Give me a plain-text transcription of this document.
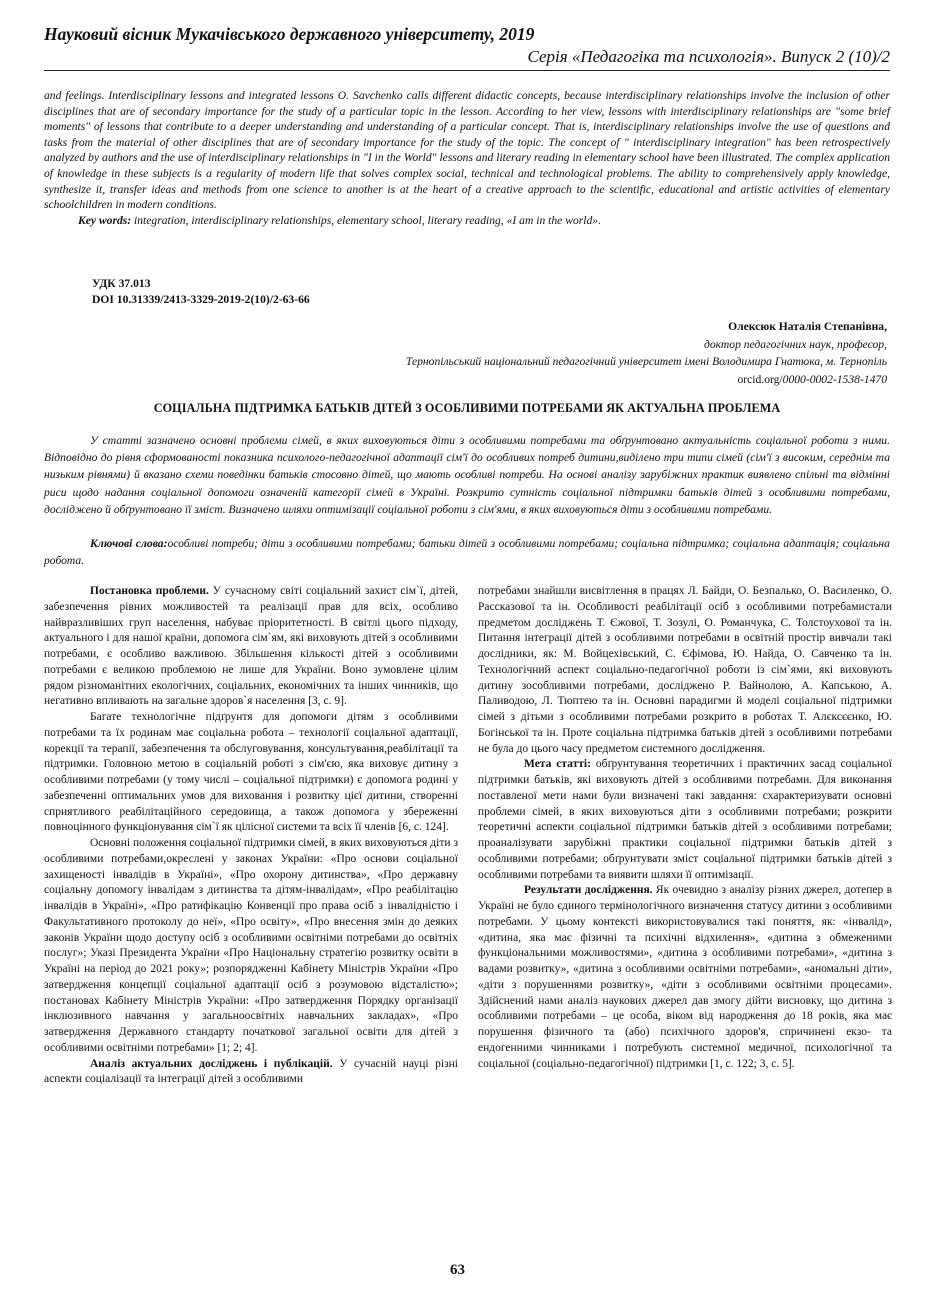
Науковий вісник Мукачівського державного університету, 2019
Серія «Педагогіка та психологія». Випуск 2 (10)/2
and feelings. Interdisciplinary lessons and integrated lessons O. Savchenko calls different didactic concepts, because interdisciplinary relationships involve the inclusion of other disciplines that are of secondary importance for the study of a particular topic in the lesson. According to her view, lessons with interdisciplinary relationships are "some brief moments" of lessons that contribute to a deeper understanding and understanding of a particular concept. That is, interdisciplinary relationships involve the use of questions and tasks from the material of other disciplines that are of secondary importance for the study of the topic. The concept of " interdisciplinary integration" has been retrospectively analyzed by authors and the use of interdisciplinary relationships in "I in the World" lessons and literary reading in elementary school have been illustrated. The complex application of knowledge in these subjects is a regularity of modern life that solves complex social, technical and technological problems. The ability to comprehensively apply knowledge, synthesize it, transfer ideas and methods from one science to another is at the heart of a creative approach to the scientific, educational and artistic activities of elementary schoolchildren in modern conditions.
Key words: integration, interdisciplinary relationships, elementary school, literary reading, «I am in the world».
УДК 37.013
DOI 10.31339/2413-3329-2019-2(10)/2-63-66
Олексюк Наталія Степанівна,
доктор педагогічних наук, професор,
Тернопільський національний педагогічний університет імені Володимира Гнатюка, м. Тернопіль
orcid.org/0000-0002-1538-1470
СОЦІАЛЬНА ПІДТРИМКА БАТЬКІВ ДІТЕЙ З ОСОБЛИВИМИ ПОТРЕБАМИ ЯК АКТУАЛЬНА ПРОБЛЕМА
У статті зазначено основні проблеми сімей, в яких виховуються діти з особливими потребами та обґрунтовано актуальність соціальної роботи з ними. Відповідно до рівня сформованості показника психолого-педагогічної адаптації сім'ї до особливих потреб дитини,виділено три типи сімей (сім'ї з високим, середнім та низьким рівнями) й вказано схеми поведінки батьків стосовно дітей, що мають особливі потреби. На основі аналізу зарубіжних практик виявлено спільні та відмінні риси щодо надання соціальної допомоги означеній категорії сімей в Україні. Розкрито сутність соціальної підтримки батьків дітей з особливими потребами, досліджено й обґрунтовано її зміст. Визначено шляхи оптимізації соціальної роботи з сім'ями, в яких виховуються діти з особливими потребами.
Ключові слова:особливі потреби; діти з особливими потребами; батьки дітей з особливими потребами; соціальна підтримка; соціальна адаптація; соціальна робота.

Постановка проблеми. У сучасному світі соціальний захист сім`ї, дітей, забезпечення рівних можливостей та реалізації прав для всіх, особливо найвразливіших груп населення, набуває пріоритетності. В світлі цього підходу, актуального і для нашої країни, допомога сім`ям, які виховують дітей з особливими потребами, є особливо важливою. Збільшення кількості дітей з особливими потребами є великою проблемою не лише для України. Воно зумовлене цілим рядом різноманітних екологічних, соціальних, економічних та інших чинників, що негативно впливають на загальне здоров`я населення [3, с. 9].

Багате технологічне підґрунтя для допомоги дітям з особливими потребами та їх родинам має соціальна робота – технології соціальної адаптації, корекції та терапії, забезпечення та обслуговування, консультування,реабілітації та підтримки. Головною метою в соціальній роботі з сім'єю, яка виховує дитину з особливими потребами (у тому числі – соціальної підтримки) є допомога родині у забезпеченні оптимальних умов для виховання і розвитку цієї дитини, створенні сприятливого реабілітаційного середовища, а також допомога у збереженні повноцінного функціонування сім`ї як цілісної системи та всіх її членів [6, с. 124].

Основні положення соціальної підтримки сімей, в яких виховуються діти з особливими потребами,окреслені у законах України: «Про основи соціальної захищеності інвалідів в Україні», «Про охорону дитинства», «Про державну соціальну допомогу інвалідам з дитинства та дітям-інвалідам», «Про реабілітацію інвалідів в Україні», «Про ратифікацію Конвенції про права осіб з інвалідністю і Факультативного протоколу до неї», «Про освіту», «Про внесення змін до деяких законів України щодо доступу осіб з особливими освітніми потребами до освітніх послуг»; Указі Президента України «Про Національну стратегію розвитку освіти в Україні на період до 2021 року»; розпорядженні Кабінету Міністрів України «Про затвердження концепції соціальної адаптації осіб з розумовою відсталістю»; постановах Кабінету Міністрів України: «Про затвердження Порядку організації інклюзивного навчання у загальноосвітніх навчальних закладах», «Про затвердження Державного стандарту початкової загальної освіти для дітей з особливими освітніми потребами» [1; 2; 4].

Аналіз актуальних досліджень і публікацій. У сучасній науці різні аспекти соціалізації та інтеграції дітей з особливими

потребами знайшли висвітлення в працях Л. Байди, О. Безпалько, О. Василенко, О. Рассказової та ін. Особливості реабілітації осіб з особливими потребамистали предметом досліджень Т. Єжової, Т. Зозулі, О. Романчука, С. Толстоухової та ін. Питання інтеграції дітей з особливими потребами в освітній простір вивчали такі дослідники, як: М. Войцехівський, С. Єфімова, Ю. Найда, О. Савченко та ін. Технологічний аспект соціально-педагогічної роботи із сім`ями, які виховують дитину зособливими потребами, досліджено Р. Вайнолою, А. Капською, А. Паливодою, Л. Тюптею та ін. Основні парадигми й моделі соціальної підтримки сімей з дітьми з особливими потребами розкрито в роботах Т. Алєксєєнко, Ю. Богінської та ін. Проте соціальна підтримка батьків дітей з особливими потребами не була до цього часу предметом системного дослідження.

Мета статті: обґрунтування теоретичних і практичних засад соціальної підтримки батьків, які виховують дітей з особливими потребами. Для виконання поставленої мети нами були визначені такі завдання: схарактеризувати основні проблеми сімей, в яких виховуються діти з особливими потребами; розкрити теоретичні аспекти соціальної підтримки батьків дітей з особливими потребами; проаналізувати зарубіжні практики соціальної підтримки батьків дітей з особливими потребами; обґрунтувати зміст соціальної підтримки батьків дітей з особливими потребами та виявити шляхи її оптимізації.

Результати дослідження. Як очевидно з аналізу різних джерел, дотепер в Україні не було єдиного термінологічного визначення статусу дитини з особливими потребами. У цьому контексті використовувалися такі поняття, як: «інвалід», «дитина, яка має фізичні та психічні відхилення», «дитина з обмеженими функціональними можливостями», «дитина з особливими потребами», «дитина з вадами розвитку», «дитина з особливими освітніми потребами», «аномальні діти», «діти з порушеннями розвитку», «діти з особливими освітніми процесами». Здійснений нами аналіз наукових джерел дав змогу дійти висновку, що дитина з особливими потребами – це особа, віком від народження до 18 років, яка має порушення фізичного та (або) психічного здоров'я, спричинені екзо- та ендогенними чинниками і потребують системної медичної, психологічної та соціальної (соціально-педагогічної) підтримки [1, с. 122; 3, с. 5].

63
